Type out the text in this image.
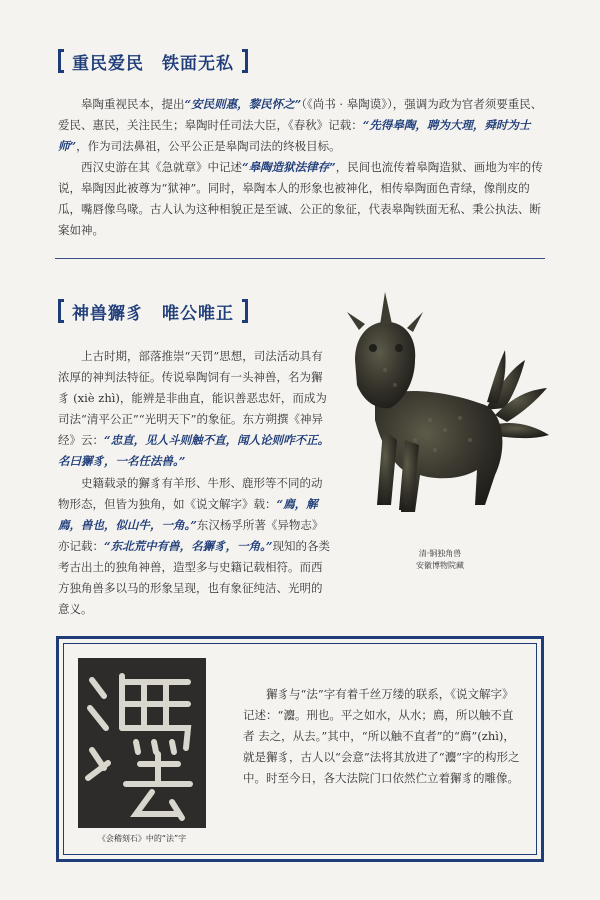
重民爱民　铁面无私

皋陶重视民本，提出“安民则惠，黎民怀之”（《尚书 · 皋陶谟》），强调为政为官者须要重民、爱民、惠民，关注民生；皋陶时任司法大臣，《春秋》记载：“先得皋陶，聘为大理，舜时为士师”，作为司法鼻祖，公平公正是皋陶司法的终极目标。

西汉史游在其《急就章》中记述“皋陶造狱法律存”，民间也流传着皋陶造狱、画地为牢的传说，皋陶因此被尊为“狱神”。同时，皋陶本人的形象也被神化，相传皋陶面色青绿，像削皮的瓜，嘴唇像鸟喙。古人认为这种相貌正是至诚、公正的象征，代表皋陶铁面无私、秉公执法、断案如神。

神兽獬豸　唯公唯正

上古时期，部落推崇“天罚”思想，司法活动具有浓厚的神判法特征。传说皋陶饲有一头神兽，名为獬豸 (xiè zhì)，能辨是非曲直，能识善恶忠奸，而成为司法“清平公正”“光明天下”的象征。东方朔撰《神异经》云：“忠直，见人斗则触不直，闻人论则咋不正。名曰獬豸，一名任法兽。”

史籍载录的獬豸有羊形、牛形、鹿形等不同的动物形态，但皆为独角，如《说文解字》载：“廌，解廌，兽也，似山牛，一角。”东汉杨孚所著《异物志》亦记载：“东北荒中有兽，名獬豸，一角。”现知的各类考古出土的独角神兽，造型多与史籍记载相符。而西方独角兽多以马的形象呈现，也有象征纯洁、光明的意义。

清·铜独角兽
安徽博物院藏
《会稽刻石》中的“法”字

獬豸与“法”字有着千丝万缕的联系，《说文解字》记述：“灋。刑也。平之如水，从水；廌，所以触不直者 去之，从去。”其中，“所以触不直者”的“廌”(zhì)，就是獬豸，古人以“会意”法将其放进了“灋”字的构形之中。时至今日，各大法院门口依然伫立着獬豸的雕像。
